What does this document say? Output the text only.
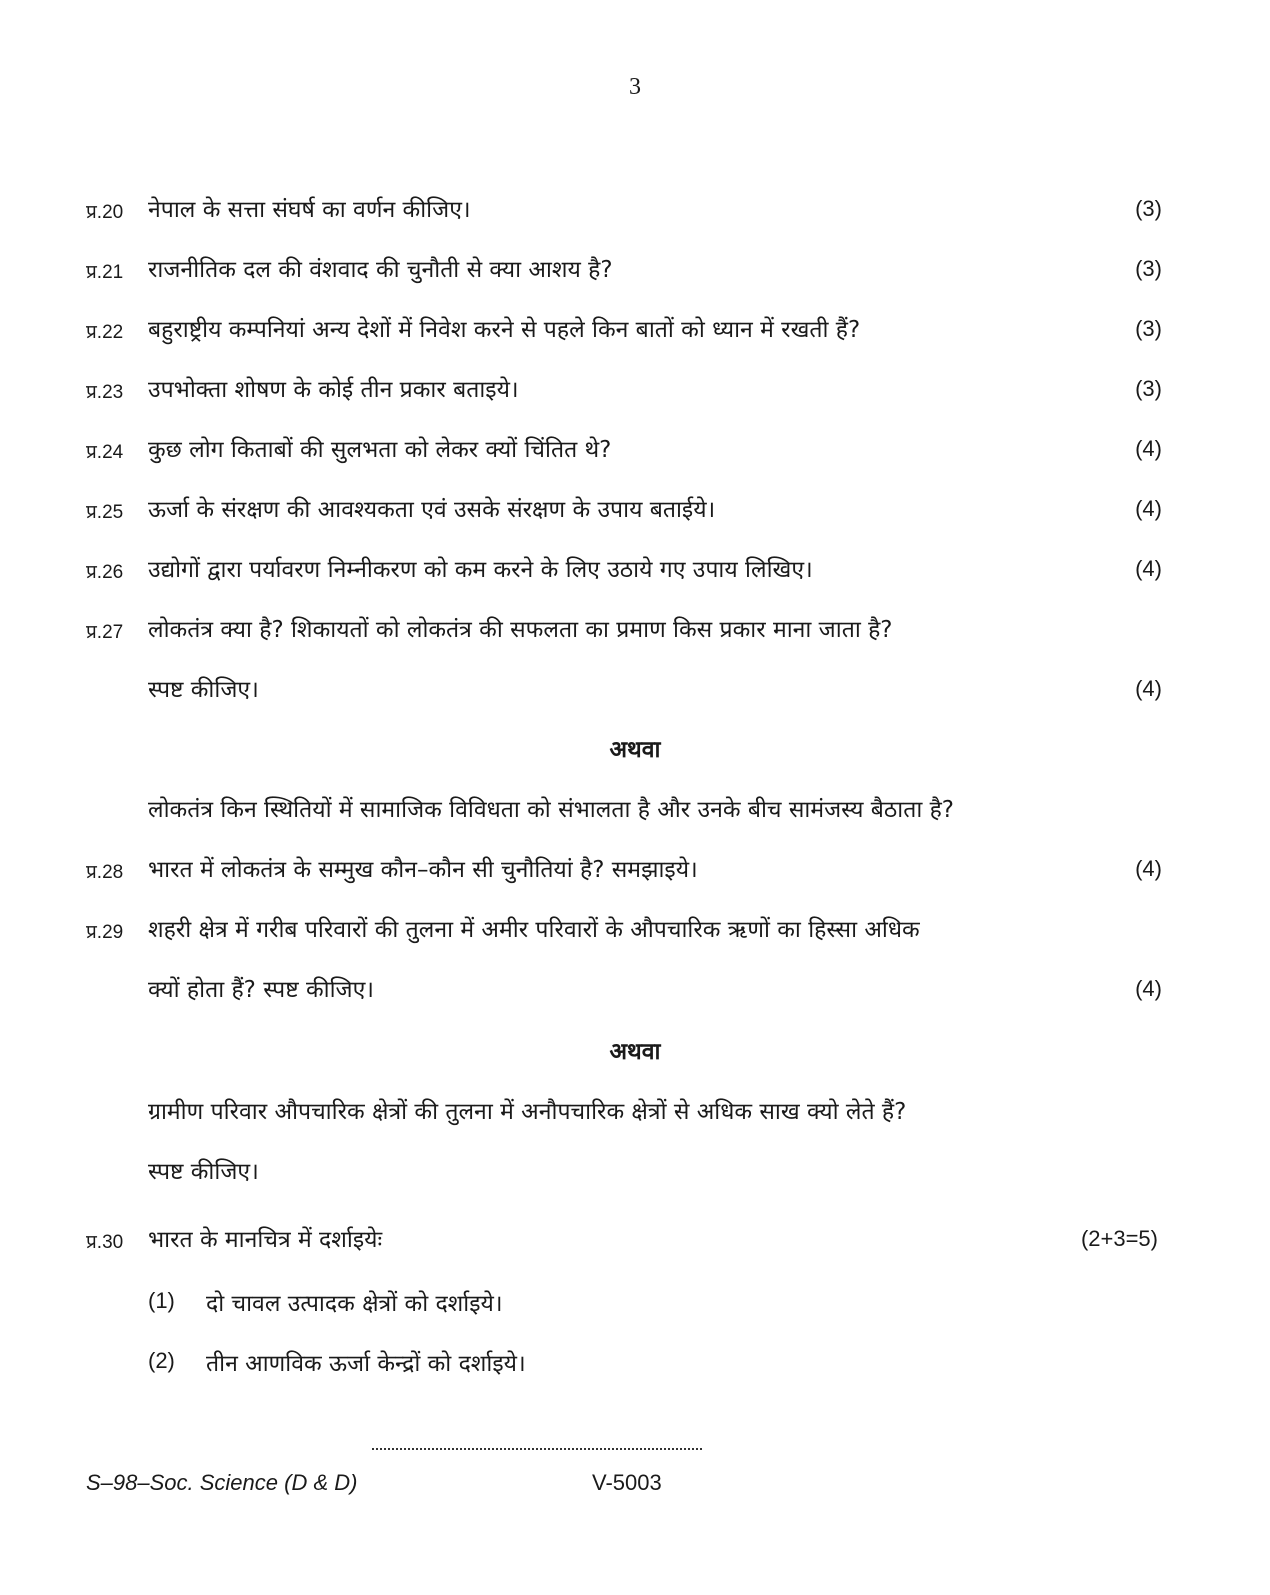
3
प्र.20 नेपाल के सत्ता संघर्ष का वर्णन कीजिए।	(3)
प्र.21 राजनीतिक दल की वंशवाद की चुनौती से क्या आशय है?	(3)
प्र.22 बहुराष्ट्रीय कम्पनियां अन्य देशों में निवेश करने से पहले किन बातों को ध्यान में रखती हैं?	(3)
प्र.23 उपभोक्ता शोषण के कोई तीन प्रकार बताइये।	(3)
प्र.24 कुछ लोग किताबों की सुलभता को लेकर क्यों चिंतित थे?	(4)
प्र.25 ऊर्जा के संरक्षण की आवश्यकता एवं उसके संरक्षण के उपाय बताईये।	(4)
प्र.26 उद्योगों द्वारा पर्यावरण निम्नीकरण को कम करने के लिए उठाये गए उपाय लिखिए।	(4)
प्र.27 लोकतंत्र क्या है? शिकायतों को लोकतंत्र की सफलता का प्रमाण किस प्रकार माना जाता है?
स्पष्ट कीजिए।	(4)
अथवा
लोकतंत्र किन स्थितियों में सामाजिक विविधता को संभालता है और उनके बीच सामंजस्य बैठाता है?
प्र.28 भारत में लोकतंत्र के सम्मुख कौन–कौन सी चुनौतियां है? समझाइये।	(4)
प्र.29 शहरी क्षेत्र में गरीब परिवारों की तुलना में अमीर परिवारों के औपचारिक ऋणों का हिस्सा अधिक
क्यों होता हैं? स्पष्ट कीजिए।	(4)
अथवा
ग्रामीण परिवार औपचारिक क्षेत्रों की तुलना में अनौपचारिक क्षेत्रों से अधिक साख क्यो लेते हैं?
स्पष्ट कीजिए।
प्र.30 भारत के मानचित्र में दर्शाइयेः	(2+3=5)
(1) दो चावल उत्पादक क्षेत्रों को दर्शाइये।
(2) तीन आणविक ऊर्जा केन्द्रों को दर्शाइये।
S–98–Soc. Science (D & D)	V-5003
